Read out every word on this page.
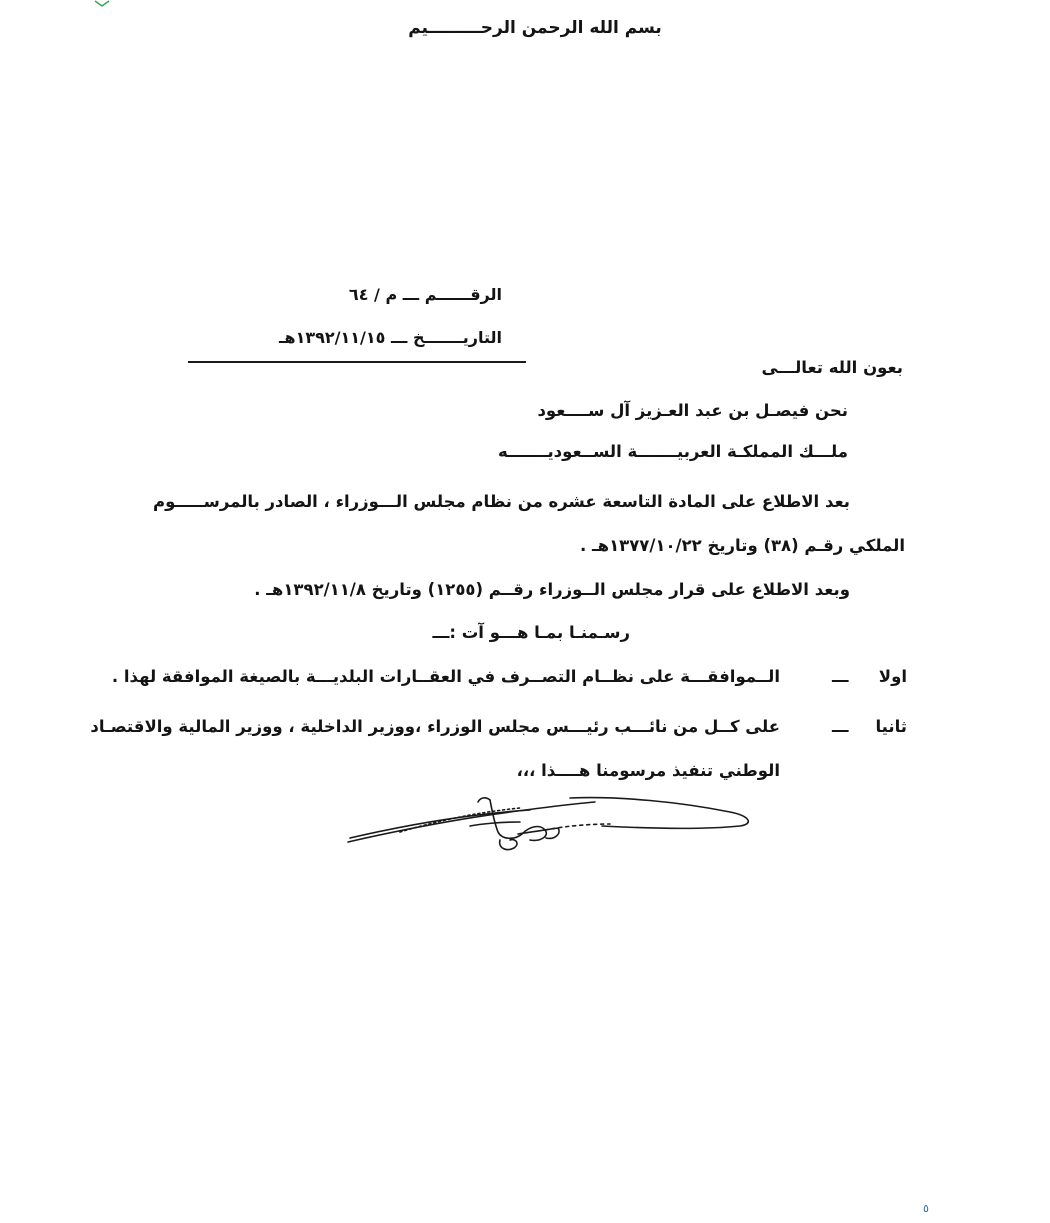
بسم الله الرحمن الرحـــــــــيم
الرقــــــم ـــ م / ٦٤
التاريـــــــخ ـــ ١٣٩٢/١١/١٥هـ
بعون الله تعالـــى
نحن فيصـل بن عبد العـزيز آل ســــعود
ملـــك المملكـة العربيـــــــة الســعوديـــــــه
بعد الاطلاع على المادة التاسعة عشره من نظام مجلس الـــوزراء ، الصادر بالمرســـــوم
الملكي رقـم (٣٨) وتاريخ ١٣٧٧/١٠/٢٢هـ .
وبعد الاطلاع على قرار مجلس الــوزراء رقــم (١٢٥٥) وتاريخ ١٣٩٢/١١/٨هـ .
رسـمنـا بمـا هـــو آت :ـــ
اولا
ـــ
الــموافقـــة على نظــام التصــرف في العقــارات البلديـــة بالصيغة الموافقة لهذا .
ثانيا
ـــ
على كــل من نائـــب رئيـــس مجلس الوزراء ،ووزير الداخلية ، ووزير المالية والاقتصـاد
الوطني تنفيذ مرسومنا هــــذا ،،،
٥
